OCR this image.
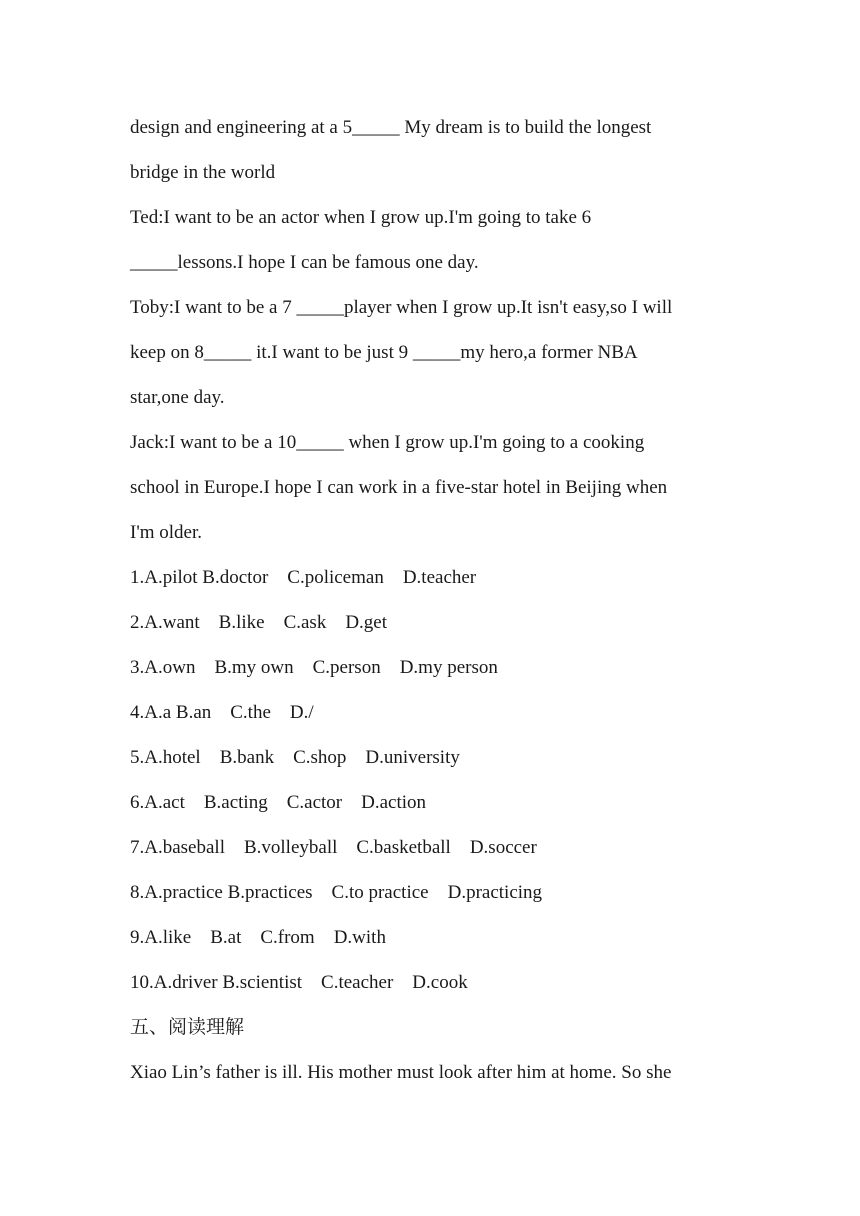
design and engineering at a 5_____ My dream is to build the longest
bridge in the world
Ted:I want to be an actor when I grow up.I'm going to take 6
_____lessons.I hope I can be famous one day.
Toby:I want to be a 7 _____player when I grow up.It isn't easy,so I will
keep on 8_____ it.I want to be just 9 _____my hero,a former NBA
star,one day.
Jack:I want to be a 10_____ when I grow up.I'm going to a cooking
school in Europe.I hope I can work in a five-star hotel in Beijing when
I'm older.
1.A.pilot B.doctor    C.policeman    D.teacher
2.A.want    B.like    C.ask    D.get
3.A.own    B.my own    C.person    D.my person
4.A.a B.an    C.the    D./
5.A.hotel    B.bank    C.shop    D.university
6.A.act    B.acting    C.actor    D.action
7.A.baseball    B.volleyball    C.basketball    D.soccer
8.A.practice B.practices    C.to practice    D.practicing
9.A.like    B.at    C.from    D.with
10.A.driver B.scientist    C.teacher    D.cook
五、阅读理解
Xiao Lin’s father is ill. His mother must look after him at home. So she
